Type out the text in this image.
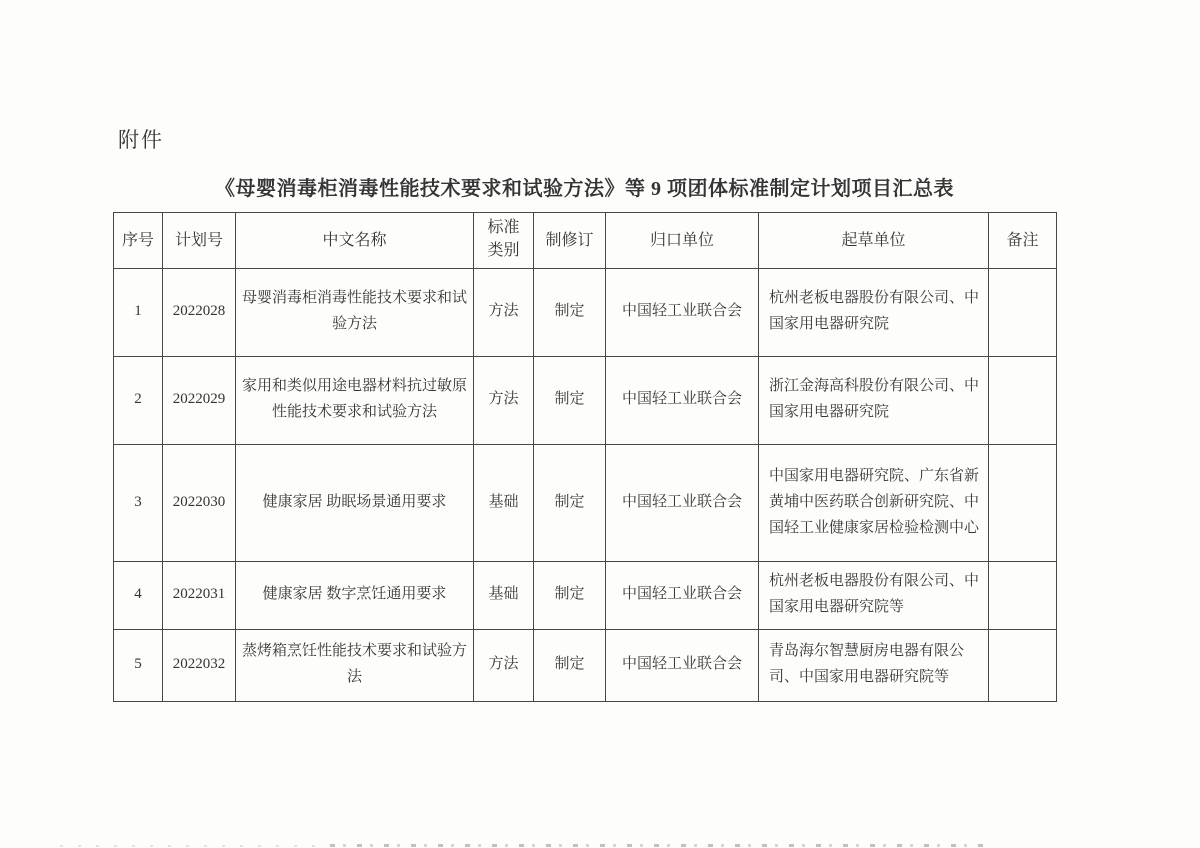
附件
《母婴消毒柜消毒性能技术要求和试验方法》等 9 项团体标准制定计划项目汇总表
序号	计划号	中文名称	标准类别	制修订	归口单位	起草单位	备注
1	2022028	母婴消毒柜消毒性能技术要求和试验方法	方法	制定	中国轻工业联合会	杭州老板电器股份有限公司、中国家用电器研究院	
2	2022029	家用和类似用途电器材料抗过敏原性能技术要求和试验方法	方法	制定	中国轻工业联合会	浙江金海高科股份有限公司、中国家用电器研究院	
3	2022030	健康家居 助眠场景通用要求	基础	制定	中国轻工业联合会	中国家用电器研究院、广东省新黄埔中医药联合创新研究院、中国轻工业健康家居检验检测中心	
4	2022031	健康家居 数字烹饪通用要求	基础	制定	中国轻工业联合会	杭州老板电器股份有限公司、中国家用电器研究院等	
5	2022032	蒸烤箱烹饪性能技术要求和试验方法	方法	制定	中国轻工业联合会	青岛海尔智慧厨房电器有限公司、中国家用电器研究院等	
